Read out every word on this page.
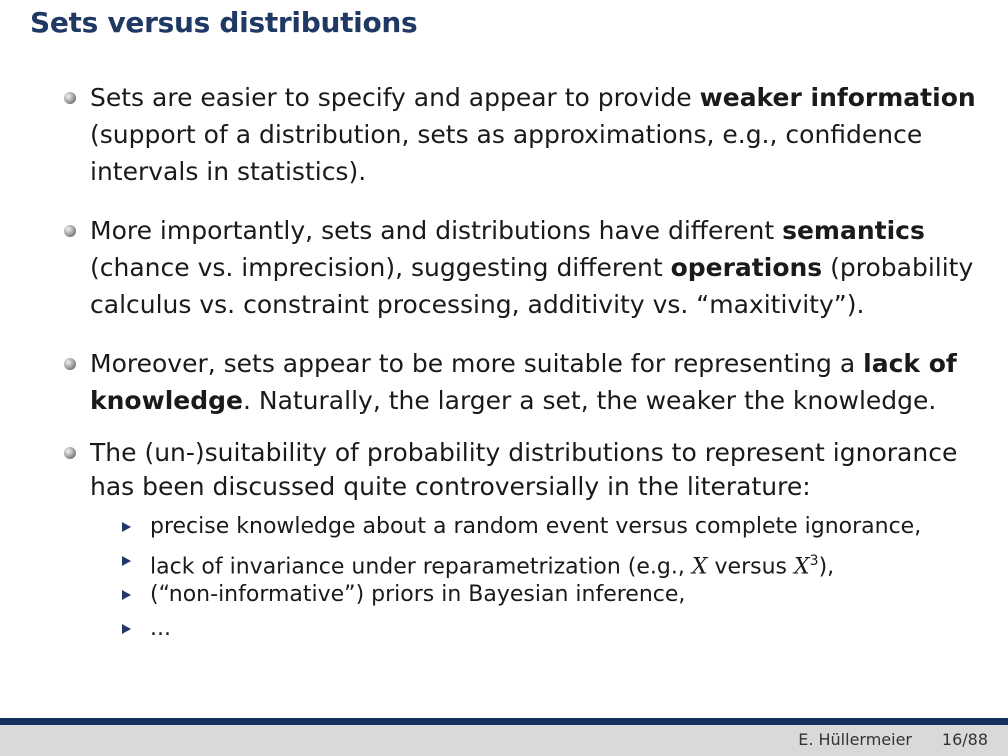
Sets versus distributions
Sets are easier to specify and appear to provide weaker information (support of a distribution, sets as approximations, e.g., confidence intervals in statistics).
More importantly, sets and distributions have different semantics (chance vs. imprecision), suggesting different operations (probability calculus vs. constraint processing, additivity vs. “maxitivity”).
Moreover, sets appear to be more suitable for representing a lack of knowledge. Naturally, the larger a set, the weaker the knowledge.
The (un-)suitability of probability distributions to represent ignorance has been discussed quite controversially in the literature:
precise knowledge about a random event versus complete ignorance,
lack of invariance under reparametrization (e.g., X versus $X^3$),
(“non-informative”) priors in Bayesian inference,
...
E. Hüllermeier 16/88
